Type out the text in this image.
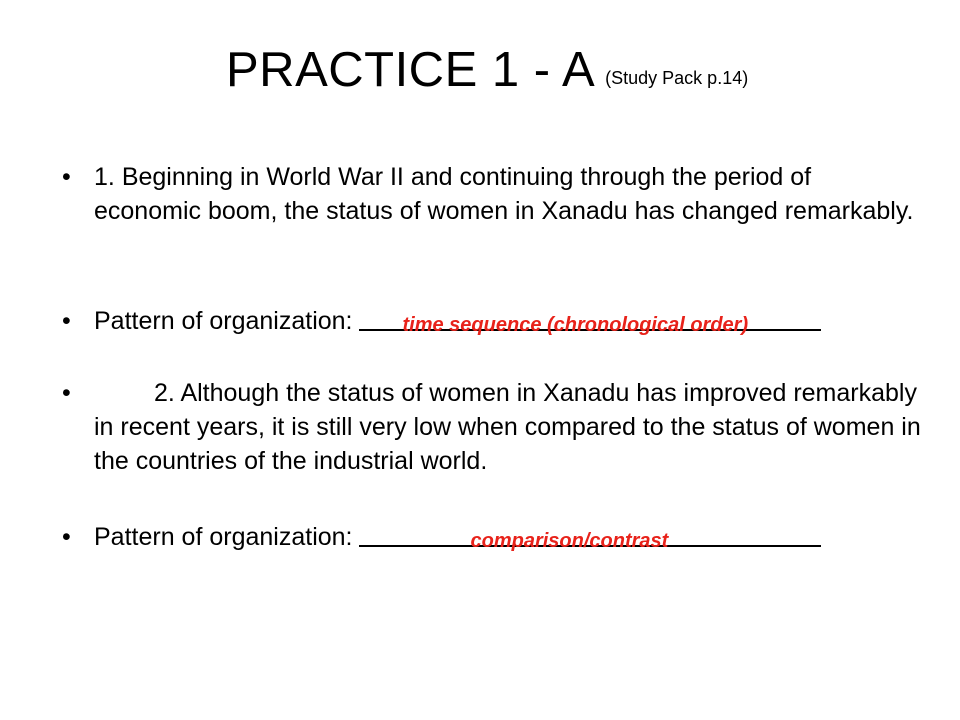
PRACTICE 1 - A (Study Pack p.14)
• 1. Beginning in World War II and continuing through the period of economic boom, the status of women in Xanadu has changed remarkably.
• Pattern of organization:	time sequence (chronological order)
•	2. Although the status of women in Xanadu has improved remarkably in recent years, it is still very low when compared to the status of women in the countries of the industrial world.
• Pattern of organization:	comparison/contrast
